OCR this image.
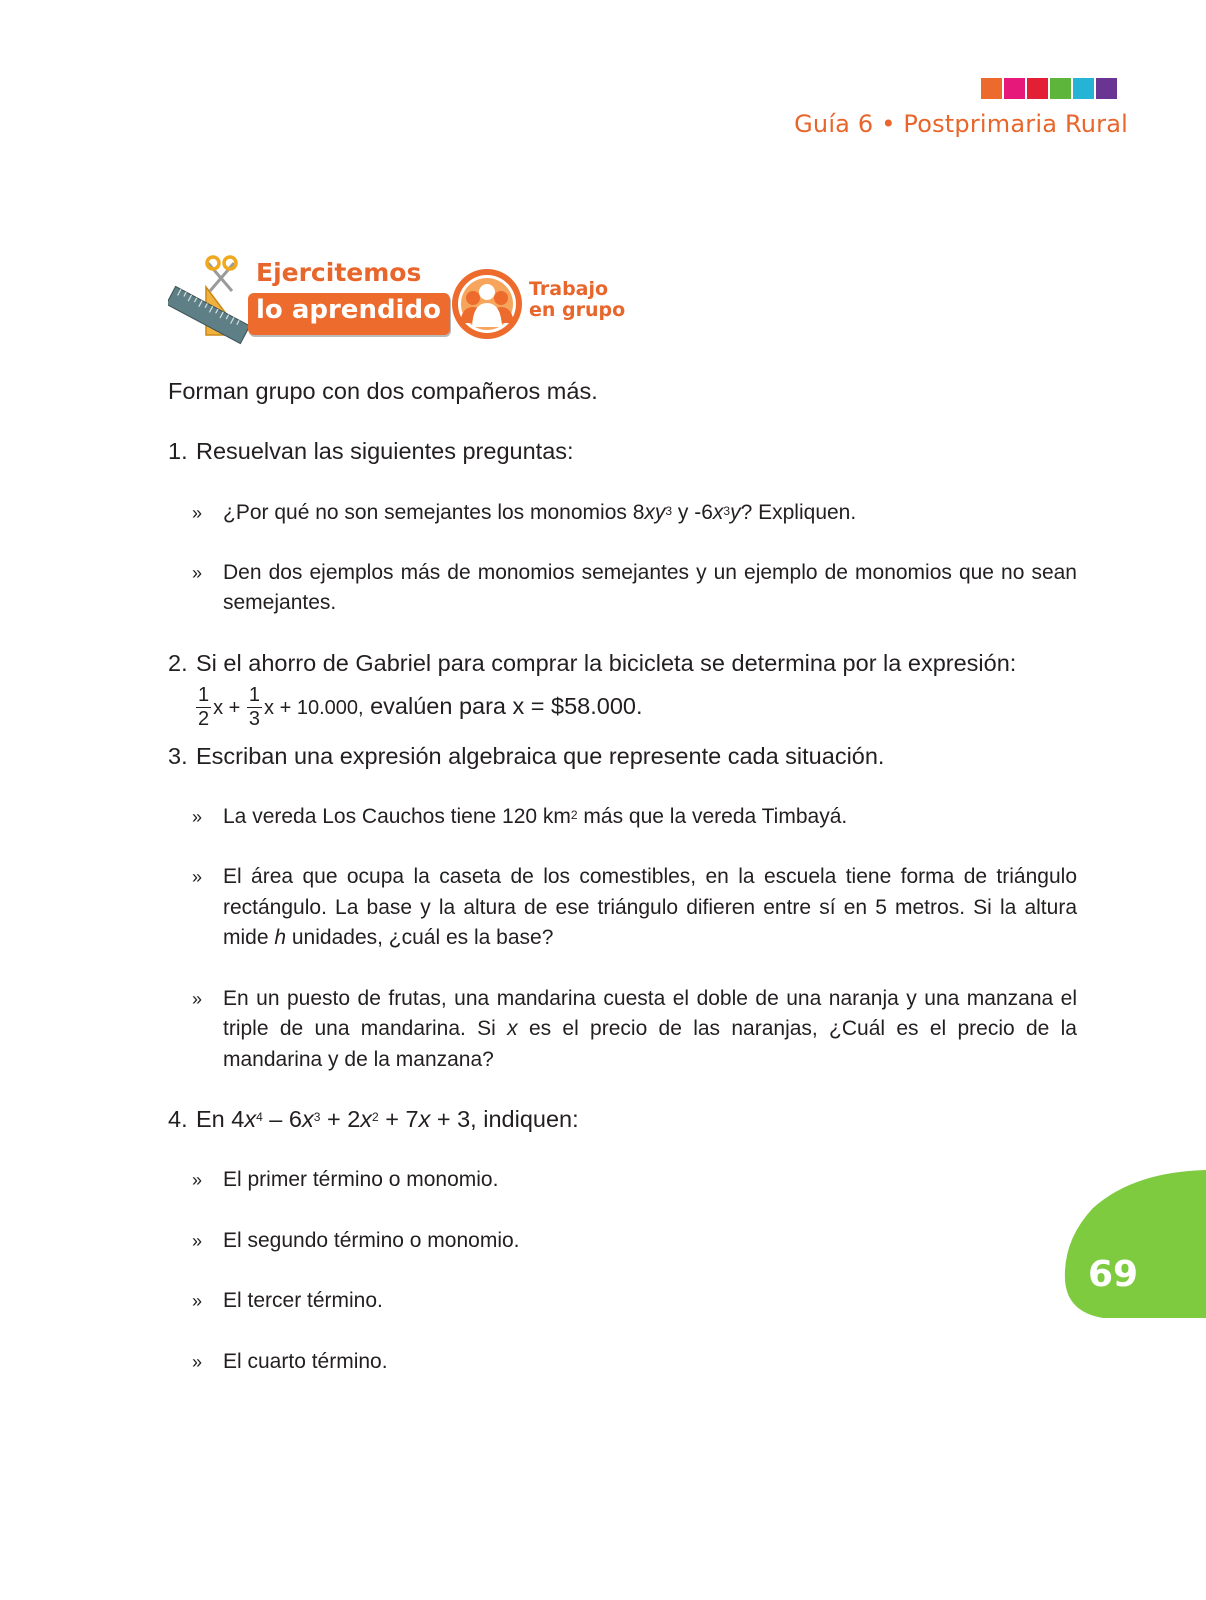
Guía 6 • Postprimaria Rural
Ejercitemos
lo aprendido
Trabajo
en grupo

Forman grupo con dos compañeros más.

1. Resuelvan las siguientes preguntas:
» ¿Por qué no son semejantes los monomios $8xy^3$ y $-6x^3y$? Expliquen.
» Den dos ejemplos más de monomios semejantes y un ejemplo de monomios que no sean semejantes.
2. Si el ahorro de Gabriel para comprar la bicicleta se determina por la expresión:
$\frac{1}{2}$ $x + \frac{1}{3}$ x + 10.000, evalúen para x = $58.000.
3. Escriban una expresión algebraica que represente cada situación.
» La vereda Los Cauchos tiene 120 $km^2$ más que la vereda Timbayá.
» El área que ocupa la caseta de los comestibles, en la escuela tiene forma de triángulo rectángulo. La base y la altura de ese triángulo difieren entre sí en 5 metros. Si la altura mide h unidades, ¿cuál es la base?
» En un puesto de frutas, una mandarina cuesta el doble de una naranja y una manzana el triple de una mandarina. Si x es el precio de las naranjas, ¿Cuál es el precio de la mandarina y de la manzana?
4. En $4x^4 - 6x^3 + 2x^2 + 7x + 3$, indiquen:
» El primer término o monomio.
» El segundo término o monomio.
» El tercer término.
» El cuarto término.
69
